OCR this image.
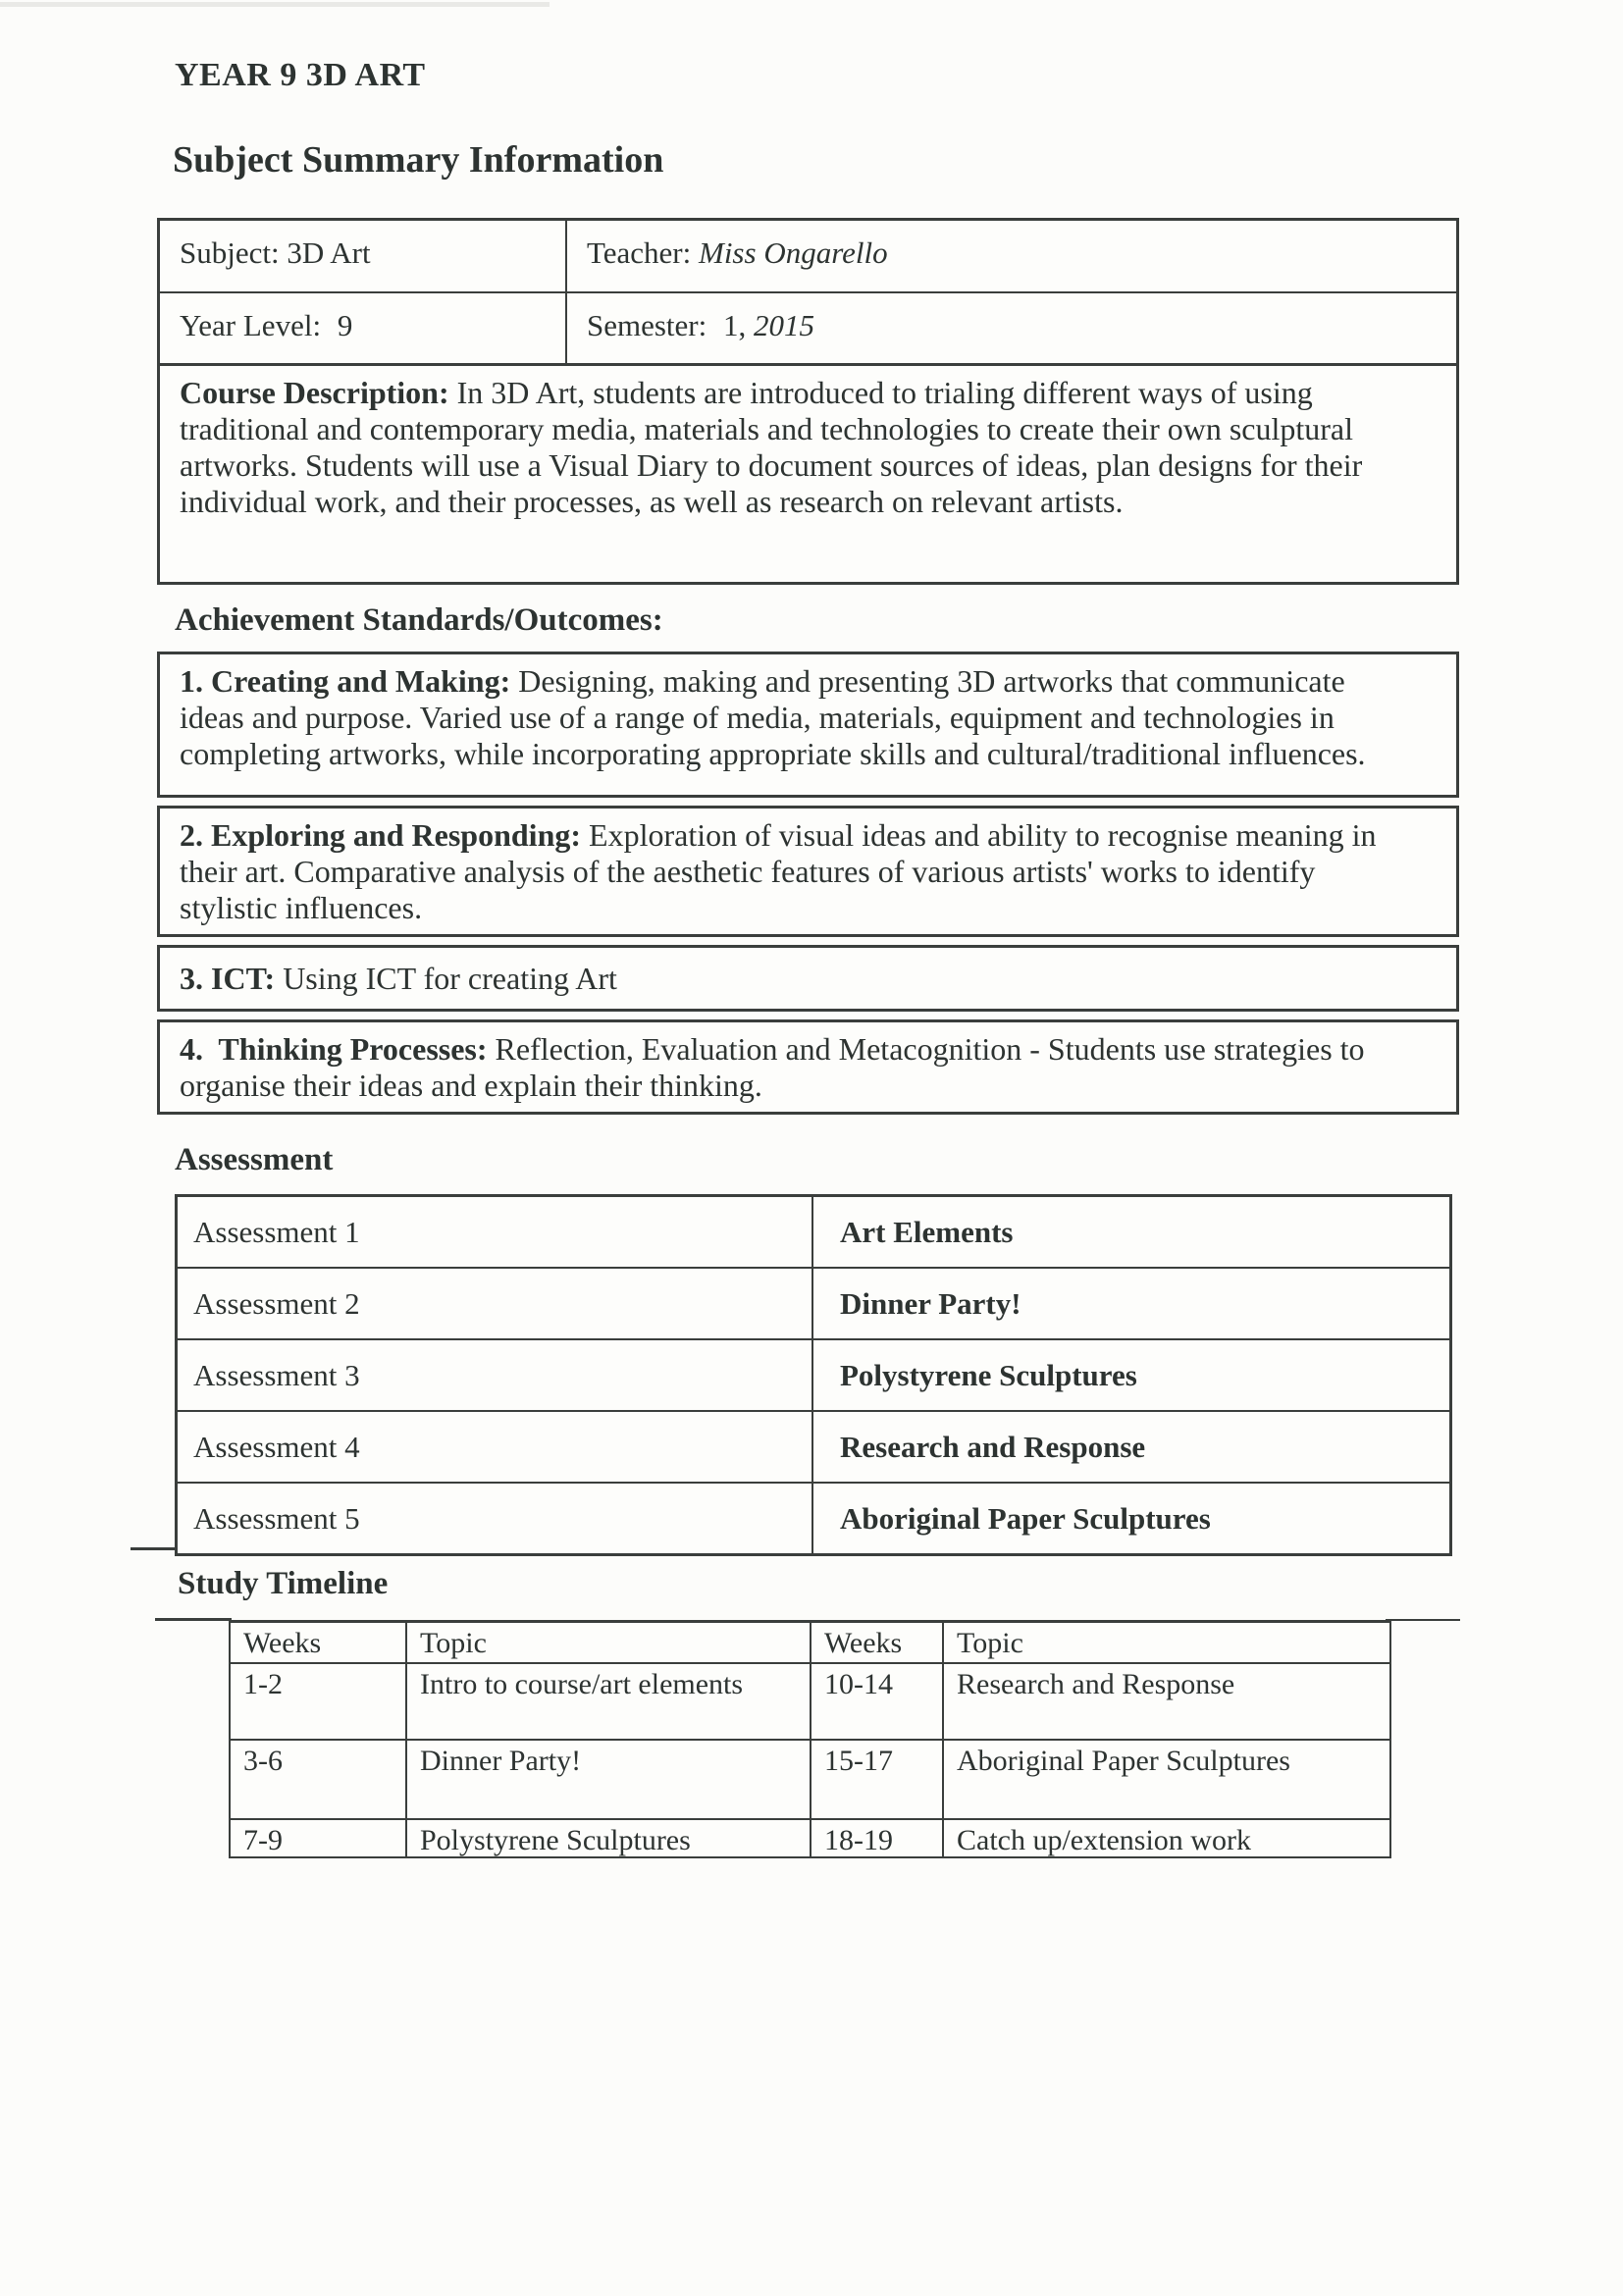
YEAR 9 3D ART
Subject Summary Information
Subject: 3D Art	Teacher: Miss Ongarello
Year Level: 9	Semester: 1, 2015
Course Description: In 3D Art, students are introduced to trialing different ways of using traditional and contemporary media, materials and technologies to create their own sculptural artworks. Students will use a Visual Diary to document sources of ideas, plan designs for their individual work, and their processes, as well as research on relevant artists.
Achievement Standards/Outcomes:
1. Creating and Making: Designing, making and presenting 3D artworks that communicate ideas and purpose. Varied use of a range of media, materials, equipment and technologies in completing artworks, while incorporating appropriate skills and cultural/traditional influences.
2. Exploring and Responding: Exploration of visual ideas and ability to recognise meaning in their art. Comparative analysis of the aesthetic features of various artists' works to identify stylistic influences.
3. ICT: Using ICT for creating Art
4.  Thinking Processes: Reflection, Evaluation and Metacognition - Students use strategies to organise their ideas and explain their thinking.
Assessment
Assessment 1	Art Elements
Assessment 2	Dinner Party!
Assessment 3	Polystyrene Sculptures
Assessment 4	Research and Response
Assessment 5	Aboriginal Paper Sculptures
Study Timeline
Weeks	Topic	Weeks	Topic
1-2	Intro to course/art elements	10-14	Research and Response
3-6	Dinner Party!	15-17	Aboriginal Paper Sculptures
7-9	Polystyrene Sculptures	18-19	Catch up/extension work
